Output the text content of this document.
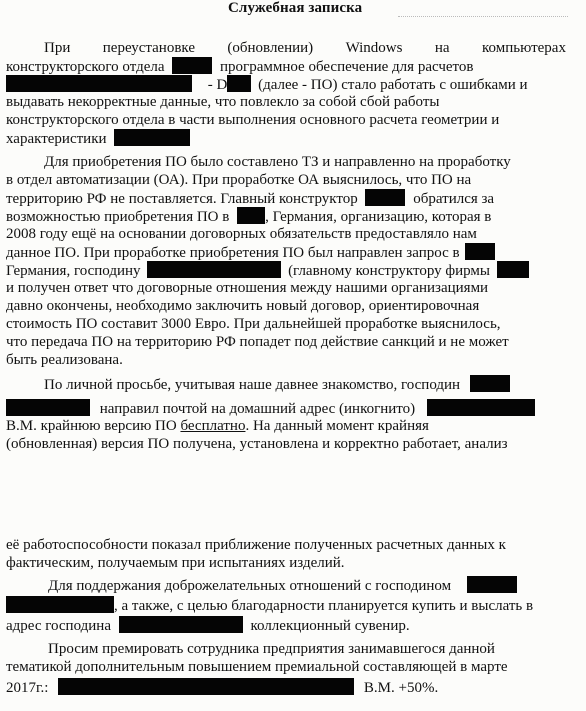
Служебная записка
При переустановке (обновлении) Windows на компьютерах
конструкторского отдела	программное обеспечение для расчетов
- D (далее - ПО) стало работать с ошибками и
выдавать некорректные данные, что повлекло за собой сбой работы
конструкторского отдела в части выполнения основного расчета геометрии и
характеристики
Для приобретения ПО было составлено ТЗ и направленно на проработку
в отдел автоматизации (ОА). При проработке ОА выяснилось, что ПО на
территорию РФ не поставляется. Главный конструктор	обратился за
возможностью приобретения ПО в , Германия, организацию, которая в
2008 году ещё на основании договорных обязательств предоставляло нам
данное ПО. При проработке приобретения ПО был направлен запрос в
Германия, господину	(главному конструктору фирмы
и получен ответ что договорные отношения между нашими организациями
давно окончены, необходимо заключить новый договор, ориентировочная
стоимость ПО составит 3000 Евро. При дальнейшей проработке выяснилось,
что передача ПО на территорию РФ попадет под действие санкций и не может
быть реализована.
По личной просьбе, учитывая наше давнее знакомство, господин
направил почтой на домашний адрес (инкогнито)
В.М. крайнюю версию ПО бесплатно. На данный момент крайняя
(обновленная) версия ПО получена, установлена и корректно работает, анализ
её работоспособности показал приближение полученных расчетных данных к
фактическим, получаемым при испытаниях изделий.
Для поддержания доброжелательных отношений с господином
, а также, с целью благодарности планируется купить и выслать в
адрес господина	коллекционный сувенир.
Просим премировать сотрудника предприятия занимавшегося данной
тематикой дополнительным повышением премиальной составляющей в марте
2017г.:	В.М. +50%.
